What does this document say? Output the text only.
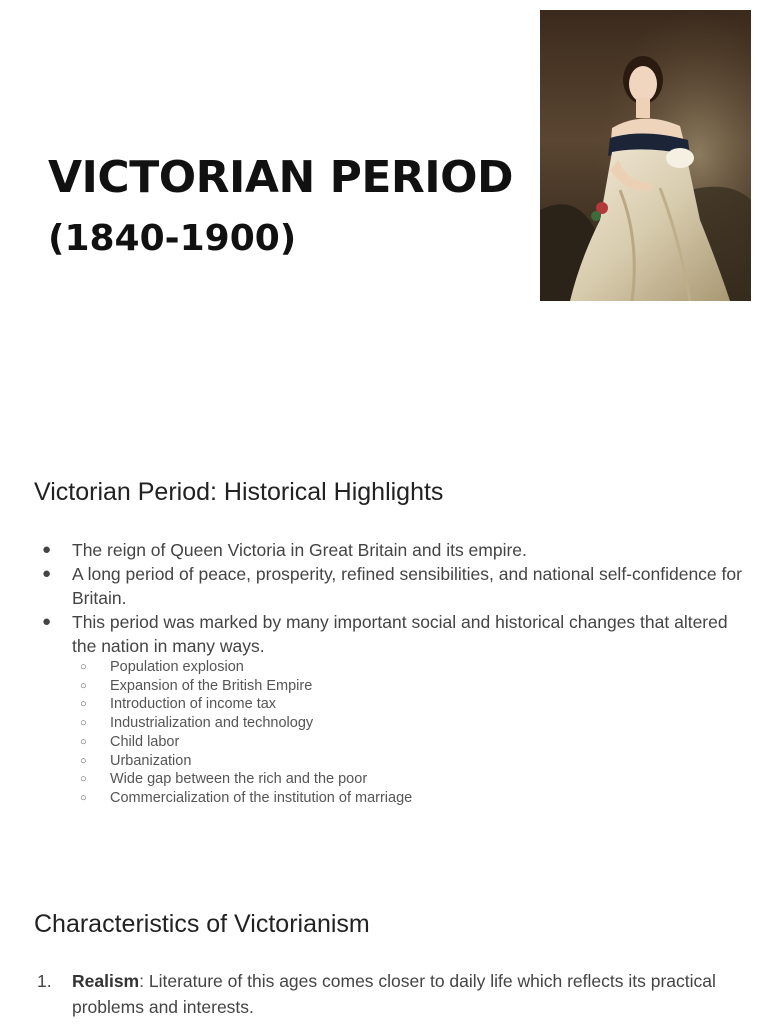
VICTORIAN PERIOD
(1840-1900)
Victorian Period: Historical Highlights
● The reign of Queen Victoria in Great Britain and its empire.
● A long period of peace, prosperity, refined sensibilities, and national self-confidence for Britain.
● This period was marked by many important social and historical changes that altered the nation in many ways.
○ Population explosion
○ Expansion of the British Empire
○ Introduction of income tax
○ Industrialization and technology
○ Child labor
○ Urbanization
○ Wide gap between the rich and the poor
○ Commercialization of the institution of marriage
Characteristics of Victorianism
1. Realism: Literature of this ages comes closer to daily life which reflects its practical problems and interests.
